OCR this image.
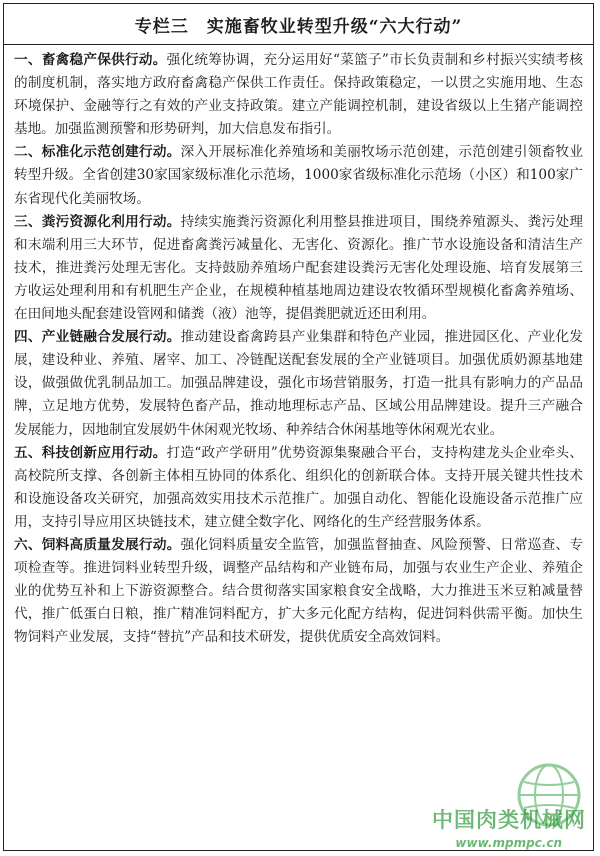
专栏三　实施畜牧业转型升级“六大行动”

一、畜禽稳产保供行动。强化统筹协调，充分运用好“菜篮子”市长负责制和乡村振兴实绩考核的制度机制，落实地方政府畜禽稳产保供工作责任。保持政策稳定，一以贯之实施用地、生态环境保护、金融等行之有效的产业支持政策。建立产能调控机制，建设省级以上生猪产能调控基地。加强监测预警和形势研判，加大信息发布指引。

二、标准化示范创建行动。深入开展标准化养殖场和美丽牧场示范创建，示范创建引领畜牧业转型升级。全省创建30家国家级标准化示范场，1000家省级标准化示范场（小区）和100家广东省现代化美丽牧场。

三、粪污资源化利用行动。持续实施粪污资源化利用整县推进项目，围绕养殖源头、粪污处理和末端利用三大环节，促进畜禽粪污减量化、无害化、资源化。推广节水设施设备和清洁生产技术，推进粪污处理无害化。支持鼓励养殖场户配套建设粪污无害化处理设施、培育发展第三方收运处理利用和有机肥生产企业，在规模种植基地周边建设农牧循环型规模化畜禽养殖场、在田间地头配套建设管网和储粪（液）池等，提倡粪肥就近还田利用。

四、产业链融合发展行动。推动建设畜禽跨县产业集群和特色产业园，推进园区化、产业化发展，建设种业、养殖、屠宰、加工、冷链配送配套发展的全产业链项目。加强优质奶源基地建设，做强做优乳制品加工。加强品牌建设，强化市场营销服务，打造一批具有影响力的产品品牌，立足地方优势，发展特色畜产品，推动地理标志产品、区域公用品牌建设。提升三产融合发展能力，因地制宜发展奶牛休闲观光牧场、种养结合休闲基地等休闲观光农业。

五、科技创新应用行动。打造“政产学研用”优势资源集聚融合平台，支持构建龙头企业牵头、高校院所支撑、各创新主体相互协同的体系化、组织化的创新联合体。支持开展关键共性技术和设施设备攻关研究，加强高效实用技术示范推广。加强自动化、智能化设施设备示范推广应用，支持引导应用区块链技术，建立健全数字化、网络化的生产经营服务体系。

六、饲料高质量发展行动。强化饲料质量安全监管，加强监督抽查、风险预警、日常巡查、专项检查等。推进饲料业转型升级，调整产品结构和产业链布局，加强与农业生产企业、养殖企业的优势互补和上下游资源整合。结合贯彻落实国家粮食安全战略，大力推进玉米豆粕减量替代，推广低蛋白日粮，推广精准饲料配方，扩大多元化配方结构，促进饲料供需平衡。加快生物饲料产业发展，支持“替抗”产品和技术研发，提供优质安全高效饲料。

中国肉类机械网
www.mpmpc.cn
